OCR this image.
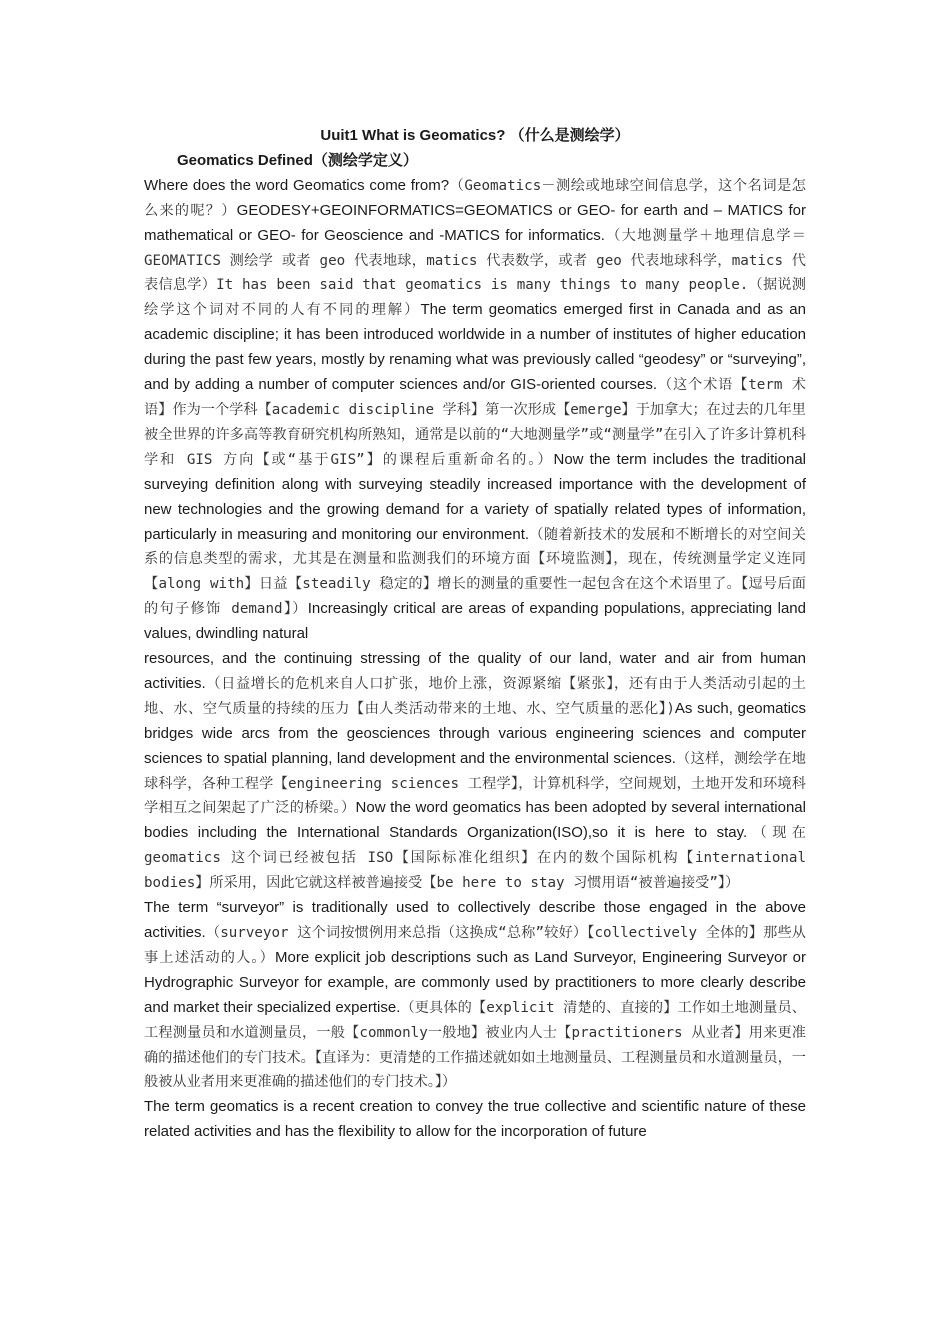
Uuit1 What is Geomatics? （什么是测绘学）

Geomatics Defined（测绘学定义）

Where does the word Geomatics come from?（Geomatics－测绘或地球空间信息学，这个名词是怎么来的呢？）GEODESY+GEOINFORMATICS=GEOMATICS or GEO- for earth and – MATICS for mathematical or GEO- for Geoscience and -MATICS for informatics.（大地测量学＋地理信息学＝GEOMATICS 测绘学 或者 geo 代表地球，matics 代表数学，或者 geo 代表地球科学，matics 代表信息学）It has been said that geomatics is many things to many people.（据说测绘学这个词对不同的人有不同的理解）The term geomatics emerged first in Canada and as an academic discipline; it has been introduced worldwide in a number of institutes of higher education during the past few years, mostly by renaming what was previously called “geodesy” or “surveying”, and by adding a number of computer sciences and/or GIS-oriented courses.（这个术语【term 术语】作为一个学科【academic discipline 学科】第一次形成【emerge】于加拿大；在过去的几年里被全世界的许多高等教育研究机构所熟知，通常是以前的“大地测量学”或“测量学”在引入了许多计算机科学和 GIS 方向【或“基于GIS”】的课程后重新命名的。）Now the term includes the traditional surveying definition along with surveying steadily increased importance with the development of new technologies and the growing demand for a variety of spatially related types of information, particularly in measuring and monitoring our environment.（随着新技术的发展和不断增长的对空间关系的信息类型的需求，尤其是在测量和监测我们的环境方面【环境监测】，现在，传统测量学定义连同【along with】日益【steadily 稳定的】增长的测量的重要性一起包含在这个术语里了。【逗号后面的句子修饰 demand】）Increasingly critical are areas of expanding populations, appreciating land values, dwindling natural

resources, and the continuing stressing of the quality of our land, water and air from human activities.（日益增长的危机来自人口扩张，地价上涨，资源紧缩【紧张】，还有由于人类活动引起的土地、水、空气质量的持续的压力【由人类活动带来的土地、水、空气质量的恶化】)As such, geomatics bridges wide arcs from the geosciences through various engineering sciences and computer sciences to spatial planning, land development and the environmental sciences.（这样，测绘学在地球科学，各种工程学【engineering sciences 工程学】，计算机科学，空间规划，土地开发和环境科学相互之间架起了广泛的桥梁。）Now the word geomatics has been adopted by several international bodies including the International Standards Organization(ISO),so it is here to stay.（现在 geomatics 这个词已经被包括 ISO【国际标准化组织】在内的数个国际机构【international bodies】所采用，因此它就这样被普遍接受【be here to stay 习惯用语“被普遍接受”】）

The term “surveyor” is traditionally used to collectively describe those engaged in the above activities.（surveyor 这个词按惯例用来总指（这换成“总称”较好）【collectively 全体的】那些从事上述活动的人。）More explicit job descriptions such as Land Surveyor, Engineering Surveyor or Hydrographic Surveyor for example, are commonly used by practitioners to more clearly describe and market their specialized expertise.（更具体的【explicit 清楚的、直接的】工作如土地测量员、工程测量员和水道测量员，一般【commonly一般地】被业内人士【practitioners 从业者】用来更准确的描述他们的专门技术。【直译为：更清楚的工作描述就如如土地测量员、工程测量员和水道测量员，一般被从业者用来更准确的描述他们的专门技术。】）

The term geomatics is a recent creation to convey the true collective and scientific nature of these related activities and has the flexibility to allow for the incorporation of future
